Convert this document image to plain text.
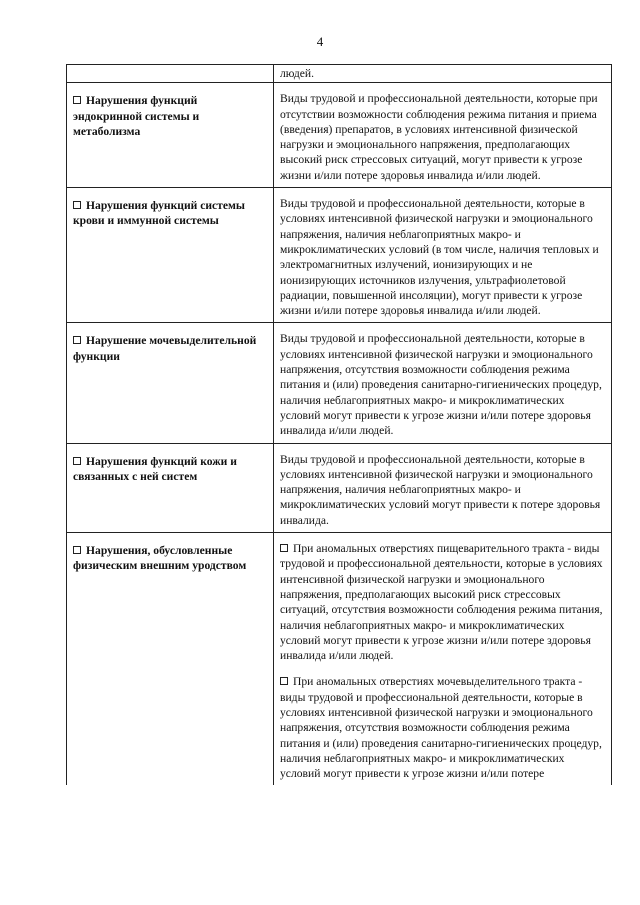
4
	людей.
Нарушения функций эндокринной системы и метаболизма	Виды трудовой и профессиональной деятельности, которые при отсутствии возможности соблюдения режима питания и приема (введения) препаратов, в условиях интенсивной физической нагрузки и эмоционального напряжения, предполагающих высокий риск стрессовых ситуаций, могут привести к угрозе жизни и/или потере здоровья инвалида и/или людей.

Нарушения функций системы крови и иммунной системы	Виды трудовой и профессиональной деятельности, которые в условиях интенсивной физической нагрузки и эмоционального напряжения, наличия неблагоприятных макро- и микроклиматических условий (в том числе, наличия тепловых и электромагнитных излучений, ионизирующих и не ионизирующих источников излучения, ультрафиолетовой радиации, повышенной инсоляции), могут привести к угрозе жизни и/или потере здоровья инвалида и/или людей.

Нарушение мочевыделительной функции	Виды трудовой и профессиональной деятельности, которые в условиях интенсивной физической нагрузки и эмоционального напряжения, отсутствия возможности соблюдения режима питания и (или) проведения санитарно-гигиенических процедур, наличия неблагоприятных макро- и микроклиматических условий могут привести к угрозе жизни и/или потере здоровья инвалида и/или людей.

Нарушения функций кожи и связанных с ней систем	Виды трудовой и профессиональной деятельности, которые в условиях интенсивной физической нагрузки и эмоционального напряжения, наличия неблагоприятных макро- и микроклиматических условий могут привести к потере здоровья инвалида.

Нарушения, обусловленные физическим внешним уродством	При аномальных отверстиях пищеварительного тракта - виды трудовой и профессиональной деятельности, которые в условиях интенсивной физической нагрузки и эмоционального напряжения, предполагающих высокий риск стрессовых ситуаций, отсутствия возможности соблюдения режима питания, наличия неблагоприятных макро- и микроклиматических условий могут привести к угрозе жизни и/или потере здоровья инвалида и/или людей.
При аномальных отверстиях мочевыделительного тракта - виды трудовой и профессиональной деятельности, которые в условиях интенсивной физической нагрузки и эмоционального напряжения, отсутствия возможности соблюдения режима питания и (или) проведения санитарно-гигиенических процедур, наличия неблагоприятных макро- и микроклиматических условий могут привести к угрозе жизни и/или потере
